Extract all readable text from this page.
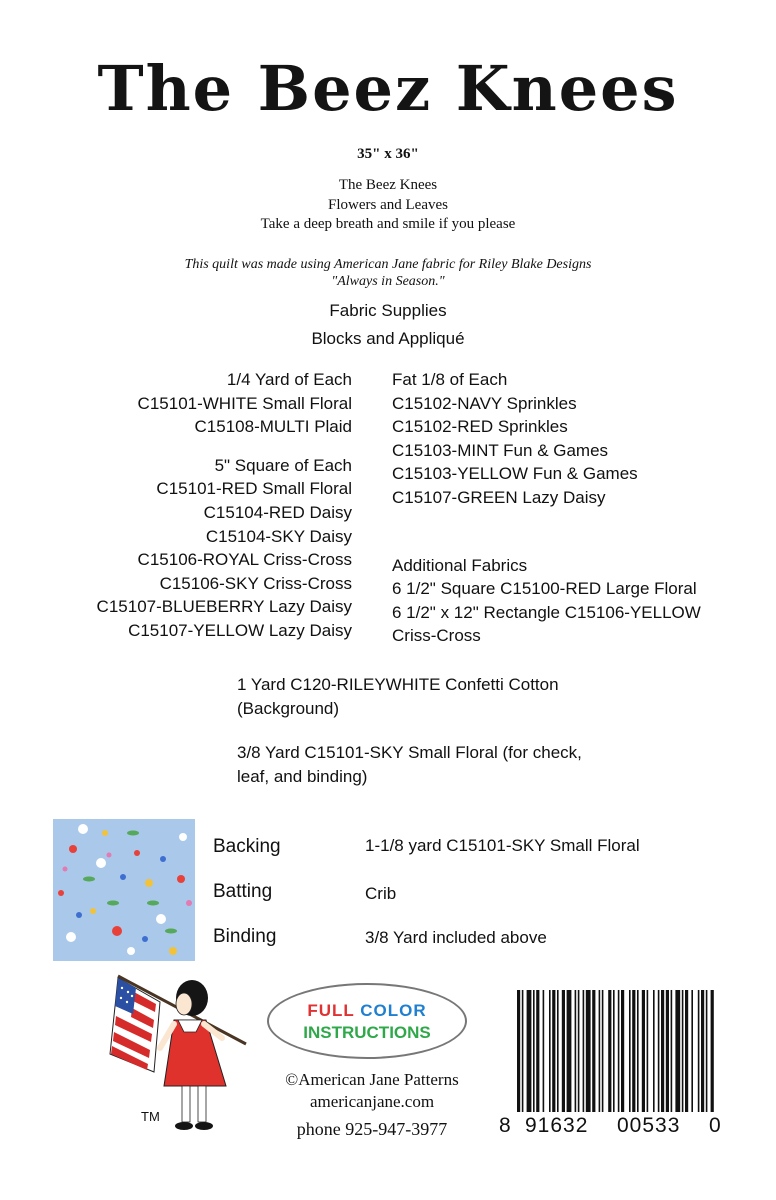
The Beez Knees
35" x 36"
The Beez Knees
Flowers and Leaves
Take a deep breath and smile if you please
This quilt was made using American Jane fabric for Riley Blake Designs
"Always in Season."
Fabric Supplies
Blocks and Appliqué
1/4 Yard of Each
C15101-WHITE Small Floral
C15108-MULTI Plaid
5" Square of Each
C15101-RED Small Floral
C15104-RED Daisy
C15104-SKY Daisy
C15106-ROYAL Criss-Cross
C15106-SKY Criss-Cross
C15107-BLUEBERRY Lazy Daisy
C15107-YELLOW Lazy Daisy
Fat 1/8 of Each
C15102-NAVY Sprinkles
C15102-RED Sprinkles
C15103-MINT Fun & Games
C15103-YELLOW Fun & Games
C15107-GREEN Lazy Daisy
Additional Fabrics
6 1/2" Square C15100-RED Large Floral
6 1/2" x 12" Rectangle C15106-YELLOW
Criss-Cross
1 Yard C120-RILEYWHITE Confetti Cotton
(Background)
3/8 Yard C15101-SKY Small Floral (for check,
leaf, and binding)
Backing	1-1/8 yard C15101-SKY Small Floral
Batting	Crib
Binding	3/8 Yard included above
TM
FULL COLOR
INSTRUCTIONS
©American Jane Patterns
americanjane.com
phone 925-947-3977	8 91632 00533 0
